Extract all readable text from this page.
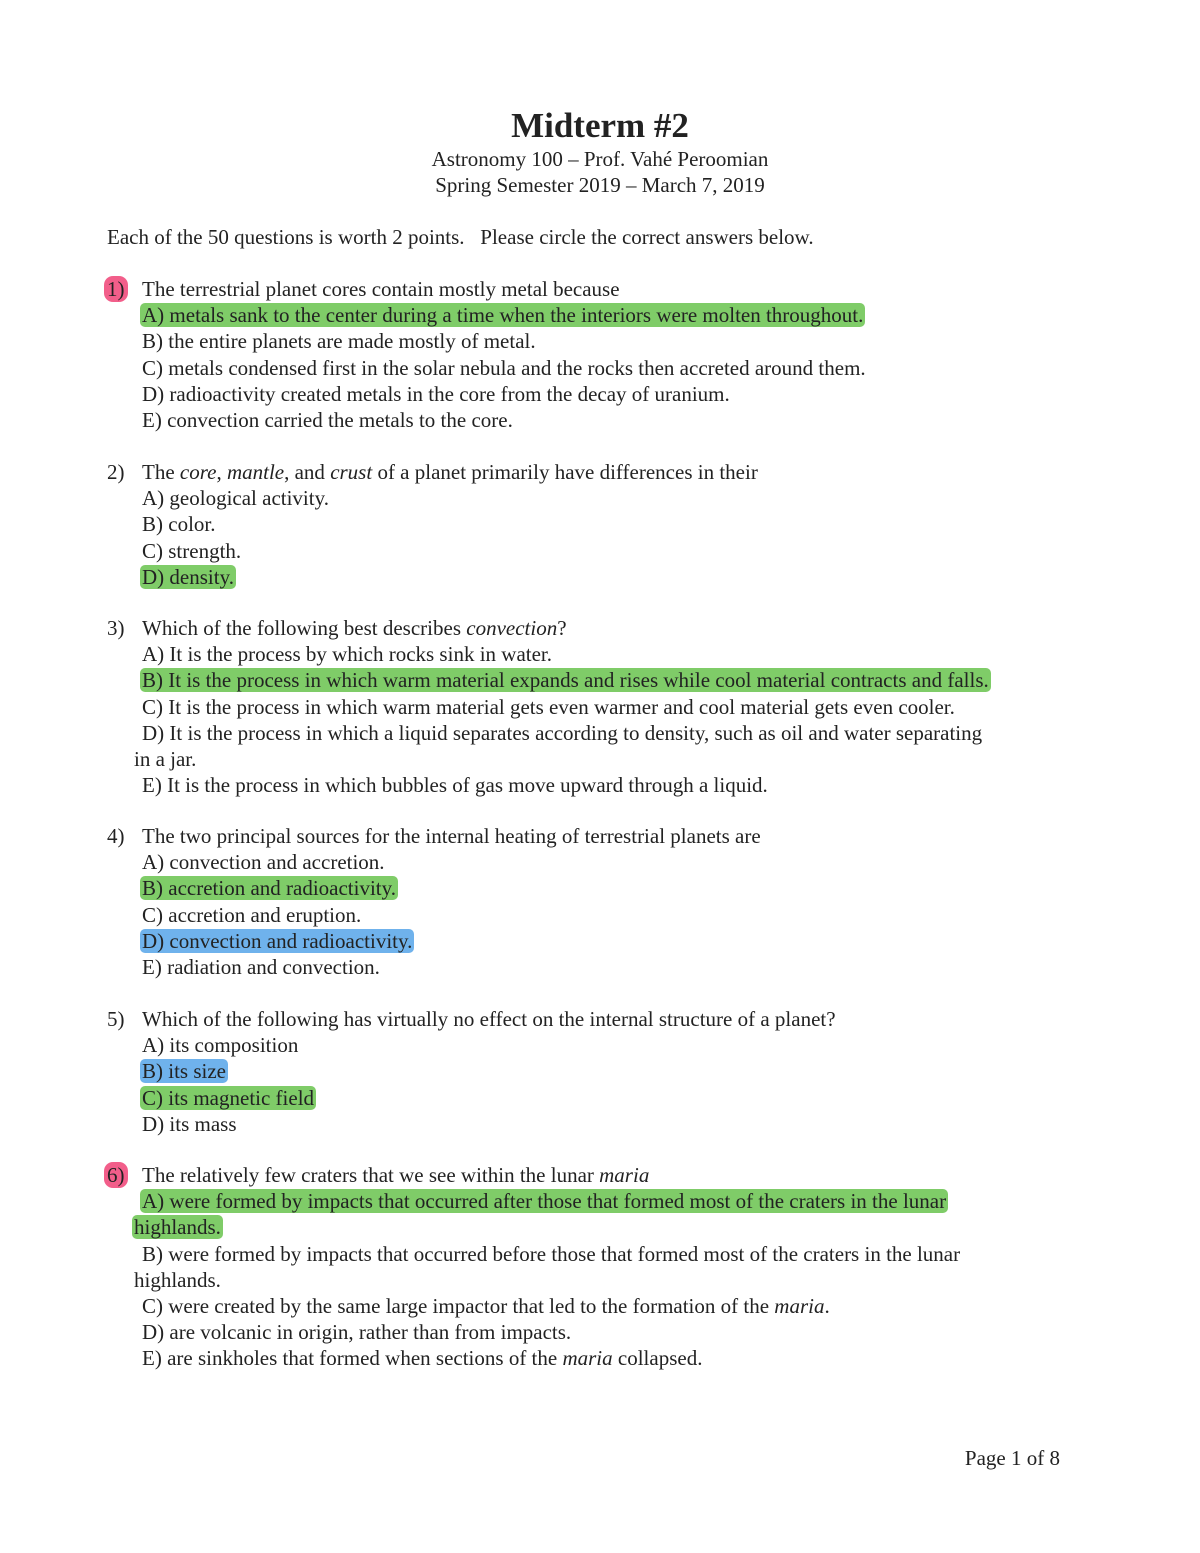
Midterm #2
Astronomy 100 – Prof. Vahé Peroomian
Spring Semester 2019 – March 7, 2019
Each of the 50 questions is worth 2 points.   Please circle the correct answers below.
1) The terrestrial planet cores contain mostly metal because
A) metals sank to the center during a time when the interiors were molten throughout.
B) the entire planets are made mostly of metal.
C) metals condensed first in the solar nebula and the rocks then accreted around them.
D) radioactivity created metals in the core from the decay of uranium.
E) convection carried the metals to the core.
2) The core, mantle, and crust of a planet primarily have differences in their
A) geological activity.
B) color.
C) strength.
D) density.
3) Which of the following best describes convection?
A) It is the process by which rocks sink in water.
B) It is the process in which warm material expands and rises while cool material contracts and falls.
C) It is the process in which warm material gets even warmer and cool material gets even cooler.
D) It is the process in which a liquid separates according to density, such as oil and water separating
in a jar.
E) It is the process in which bubbles of gas move upward through a liquid.
4) The two principal sources for the internal heating of terrestrial planets are
A) convection and accretion.
B) accretion and radioactivity.
C) accretion and eruption.
D) convection and radioactivity.
E) radiation and convection.
5) Which of the following has virtually no effect on the internal structure of a planet?
A) its composition
B) its size
C) its magnetic field
D) its mass
6) The relatively few craters that we see within the lunar maria
A) were formed by impacts that occurred after those that formed most of the craters in the lunar
highlands.
B) were formed by impacts that occurred before those that formed most of the craters in the lunar
highlands.
C) were created by the same large impactor that led to the formation of the maria.
D) are volcanic in origin, rather than from impacts.
E) are sinkholes that formed when sections of the maria collapsed.
Page 1 of 8
